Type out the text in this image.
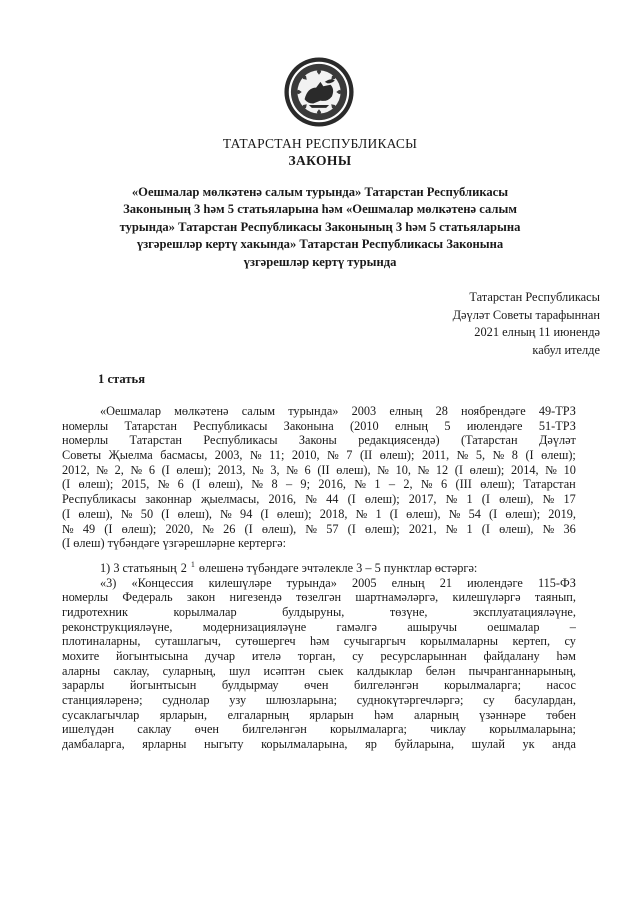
ТАТАРСТАН РЕСПУБЛИКАСЫ
ЗАКОНЫ
«Оешмалар мөлкәтенә салым турында» Татарстан Республикасы
Законының 3 һәм 5 статьяларына һәм «Оешмалар мөлкәтенә салым
турында» Татарстан Республикасы Законының 3 һәм 5 статьяларына
үзгәрешләр кертү хакында» Татарстан Республикасы Законына
үзгәрешләр кертү турында
Татарстан Республикасы
Дәүләт Советы тарафыннан
2021 елның 11 июнендә
кабул ителде
1 статья
«Оешмалар мөлкәтенә салым турында» 2003 елның 28 ноябрендәге 49-ТРЗ
номерлы Татарстан Республикасы Законына (2010 елның 5 июлендәге 51-ТРЗ
номерлы Татарстан Республикасы Законы редакциясендә) (Татарстан Дәүләт
Советы Җыелма басмасы, 2003, № 11; 2010, № 7 (II өлеш); 2011, № 5, № 8 (I өлеш);
2012, № 2, № 6 (I өлеш); 2013, № 3, № 6 (II өлеш), № 10, № 12 (I өлеш); 2014, № 10
(I өлеш); 2015, № 6 (I өлеш), № 8 – 9; 2016, № 1 – 2, № 6 (III өлеш); Татарстан
Республикасы законнар җыелмасы, 2016, № 44 (I өлеш); 2017, № 1 (I өлеш), № 17
(I өлеш), № 50 (I өлеш), № 94 (I өлеш); 2018, № 1 (I өлеш), № 54 (I өлеш); 2019,
№ 49 (I өлеш); 2020, № 26 (I өлеш), № 57 (I өлеш); 2021, № 1 (I өлеш), № 36
(I өлеш) түбәндәге үзгәрешләрне кертергә:
1) 3 статьяның 2 $^1$ өлешенә түбәндәге эчтәлекле 3 – 5 пунктлар өстәргә:
«3) «Концессия килешүләре турында» 2005 елның 21 июлендәге 115-ФЗ
номерлы Федераль закон нигезендә төзелгән шартнамәләргә, килешүләргә таянып,
гидротехник	корылмалар	булдыруны,	төзүне,	эксплуатацияләүне,
реконструкцияләүне, модернизацияләүне гамәлгә ашыручы оешмалар –
плотиналарны, суташлагыч, сутөшергеч һәм сучыгаргыч корылмаларны кертеп, су
мохите йогынтысына дучар ителә торган, су ресурсларыннан файдалану һәм
аларны саклау, суларның, шул исәптән сыек калдыклар белән пычранганнарының,
зарарлы йогынтысын булдырмау өчен билгеләнгән корылмаларга; насос
станцияләренә; суднолар узу шлюзларына; суднокүтәргечләргә; су басулардан,
сусаклагычлар ярларын, елгаларның ярларын һәм аларның үзәннәре төбен
ишелүдән саклау өчен билгеләнгән корылмаларга; чиклау корылмаларына;
дамбаларга, ярларны ныгыту корылмаларына, яр буйларына, шулай ук анда
